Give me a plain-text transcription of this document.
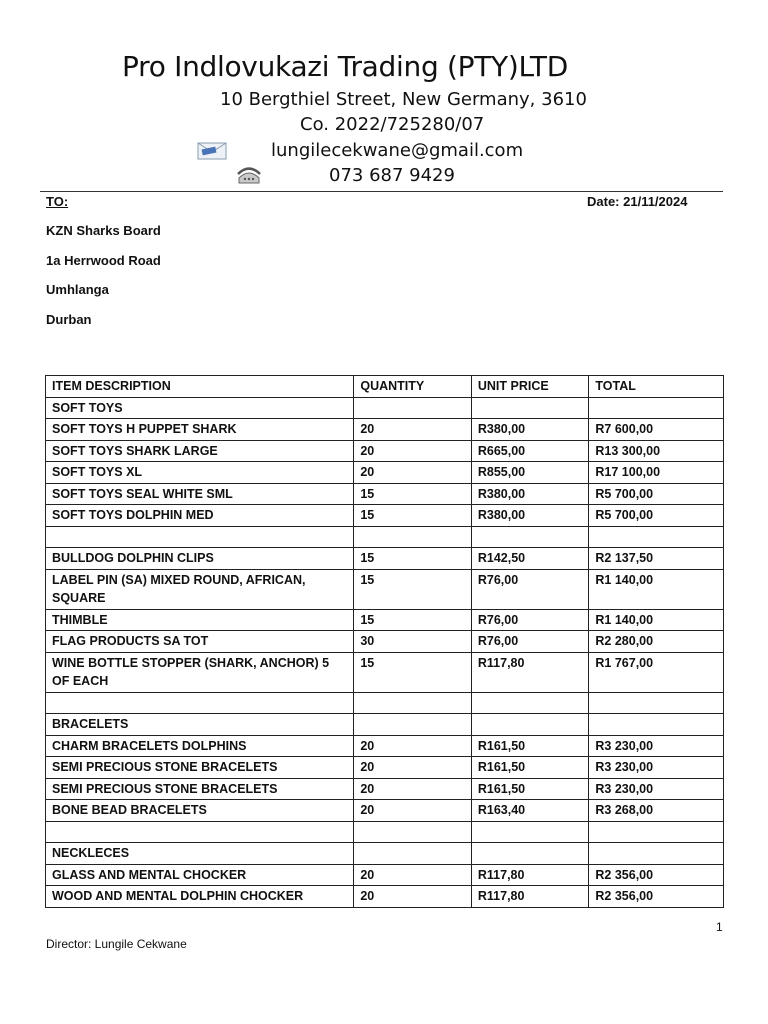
Pro Indlovukazi Trading (PTY)LTD
10 Bergthiel Street, New Germany, 3610
Co. 2022/725280/07
lungilecekwane@gmail.com
073 687 9429
TO:	Date: 21/11/2024
KZN Sharks Board
1a Herrwood Road
Umhlanga
Durban
ITEM DESCRIPTION	QUANTITY	UNIT PRICE	TOTAL
SOFT TOYS			
SOFT TOYS H PUPPET SHARK	20	R380,00	R7 600,00
SOFT TOYS SHARK LARGE	20	R665,00	R13 300,00
SOFT TOYS XL	20	R855,00	R17 100,00
SOFT TOYS SEAL WHITE SML	15	R380,00	R5 700,00
SOFT TOYS DOLPHIN MED	15	R380,00	R5 700,00

BULLDOG DOLPHIN CLIPS	15	R142,50	R2 137,50
LABEL PIN (SA) MIXED ROUND, AFRICAN, SQUARE	15	R76,00	R1 140,00
THIMBLE	15	R76,00	R1 140,00
FLAG PRODUCTS SA TOT	30	R76,00	R2 280,00
WINE BOTTLE STOPPER (SHARK, ANCHOR) 5 OF EACH	15	R117,80	R1 767,00

BRACELETS			
CHARM BRACELETS DOLPHINS	20	R161,50	R3 230,00
SEMI PRECIOUS STONE BRACELETS	20	R161,50	R3 230,00
SEMI PRECIOUS STONE BRACELETS	20	R161,50	R3 230,00
BONE BEAD BRACELETS	20	R163,40	R3 268,00

NECKLECES			
GLASS AND MENTAL CHOCKER	20	R117,80	R2 356,00
WOOD AND MENTAL DOLPHIN CHOCKER	20	R117,80	R2 356,00
1
Director: Lungile Cekwane
